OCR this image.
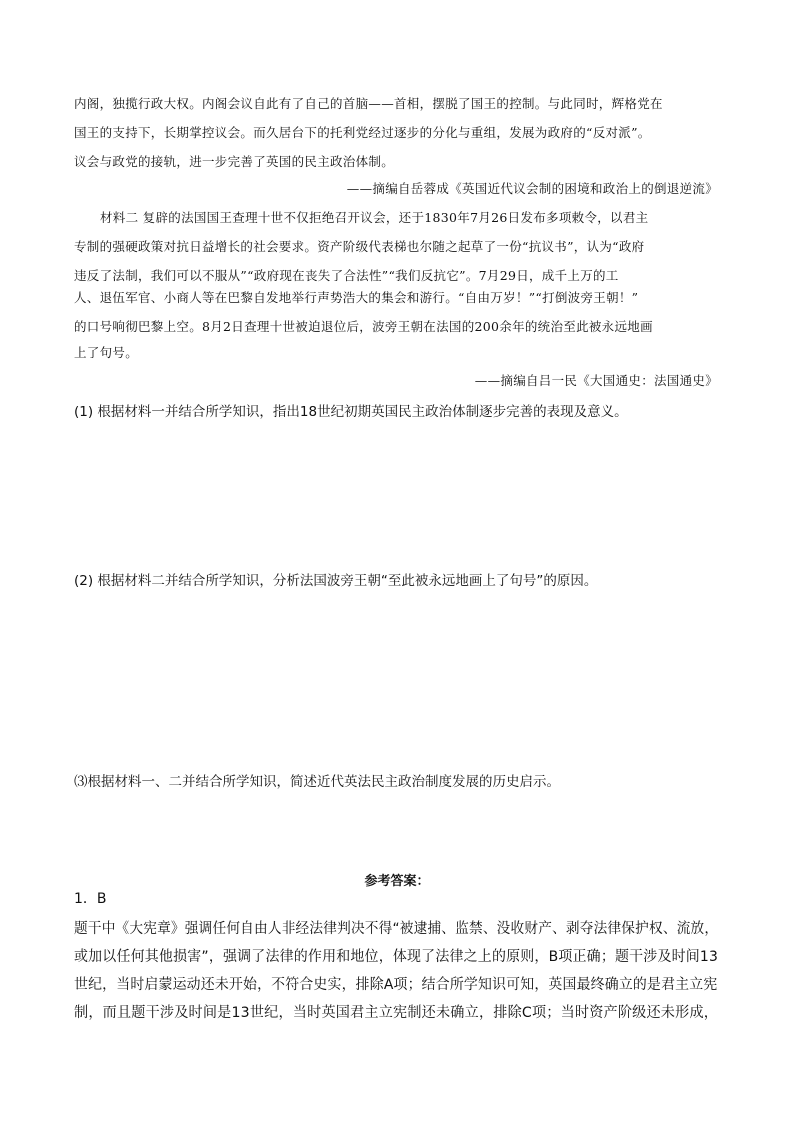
内阁，独揽行政大权。内阁会议自此有了自己的首脑——首相，摆脱了国王的控制。与此同时，辉格党在
国王的支持下，长期掌控议会。而久居台下的托利党经过逐步的分化与重组，发展为政府的“反对派”。
议会与政党的接轨，进一步完善了英国的民主政治体制。
——摘编自岳蓉成《英国近代议会制的困境和政治上的倒退逆流》
材料二 复辟的法国国王查理十世不仅拒绝召开议会，还于1830年7月26日发布多项敕令，以君主
专制的强硬政策对抗日益增长的社会要求。资产阶级代表梯也尔随之起草了一份“抗议书”，认为“政府
违反了法制，我们可以不服从”“政府现在丧失了合法性”“我们反抗它”。7月29日，成千上万的工
人、退伍军官、小商人等在巴黎自发地举行声势浩大的集会和游行。“自由万岁！”“打倒波旁王朝！”
的口号响彻巴黎上空。8月2日查理十世被迫退位后，波旁王朝在法国的200余年的统治至此被永远地画
上了句号。
——摘编自吕一民《大国通史：法国通史》
(1) 根据材料一并结合所学知识，指出18世纪初期英国民主政治体制逐步完善的表现及意义。
(2) 根据材料二并结合所学知识，分析法国波旁王朝“至此被永远地画上了句号”的原因。
⑶根据材料一、二并结合所学知识，简述近代英法民主政治制度发展的历史启示。
参考答案：
1．B
题干中《大宪章》强调任何自由人非经法律判决不得“被逮捕、监禁、没收财产、剥夺法律保护权、流放，
或加以任何其他损害”，强调了法律的作用和地位，体现了法律之上的原则，B项正确；题干涉及时间13
世纪，当时启蒙运动还未开始，不符合史实，排除A项；结合所学知识可知，英国最终确立的是君主立宪
制，而且题干涉及时间是13世纪，当时英国君主立宪制还未确立，排除C项；当时资产阶级还未形成，
